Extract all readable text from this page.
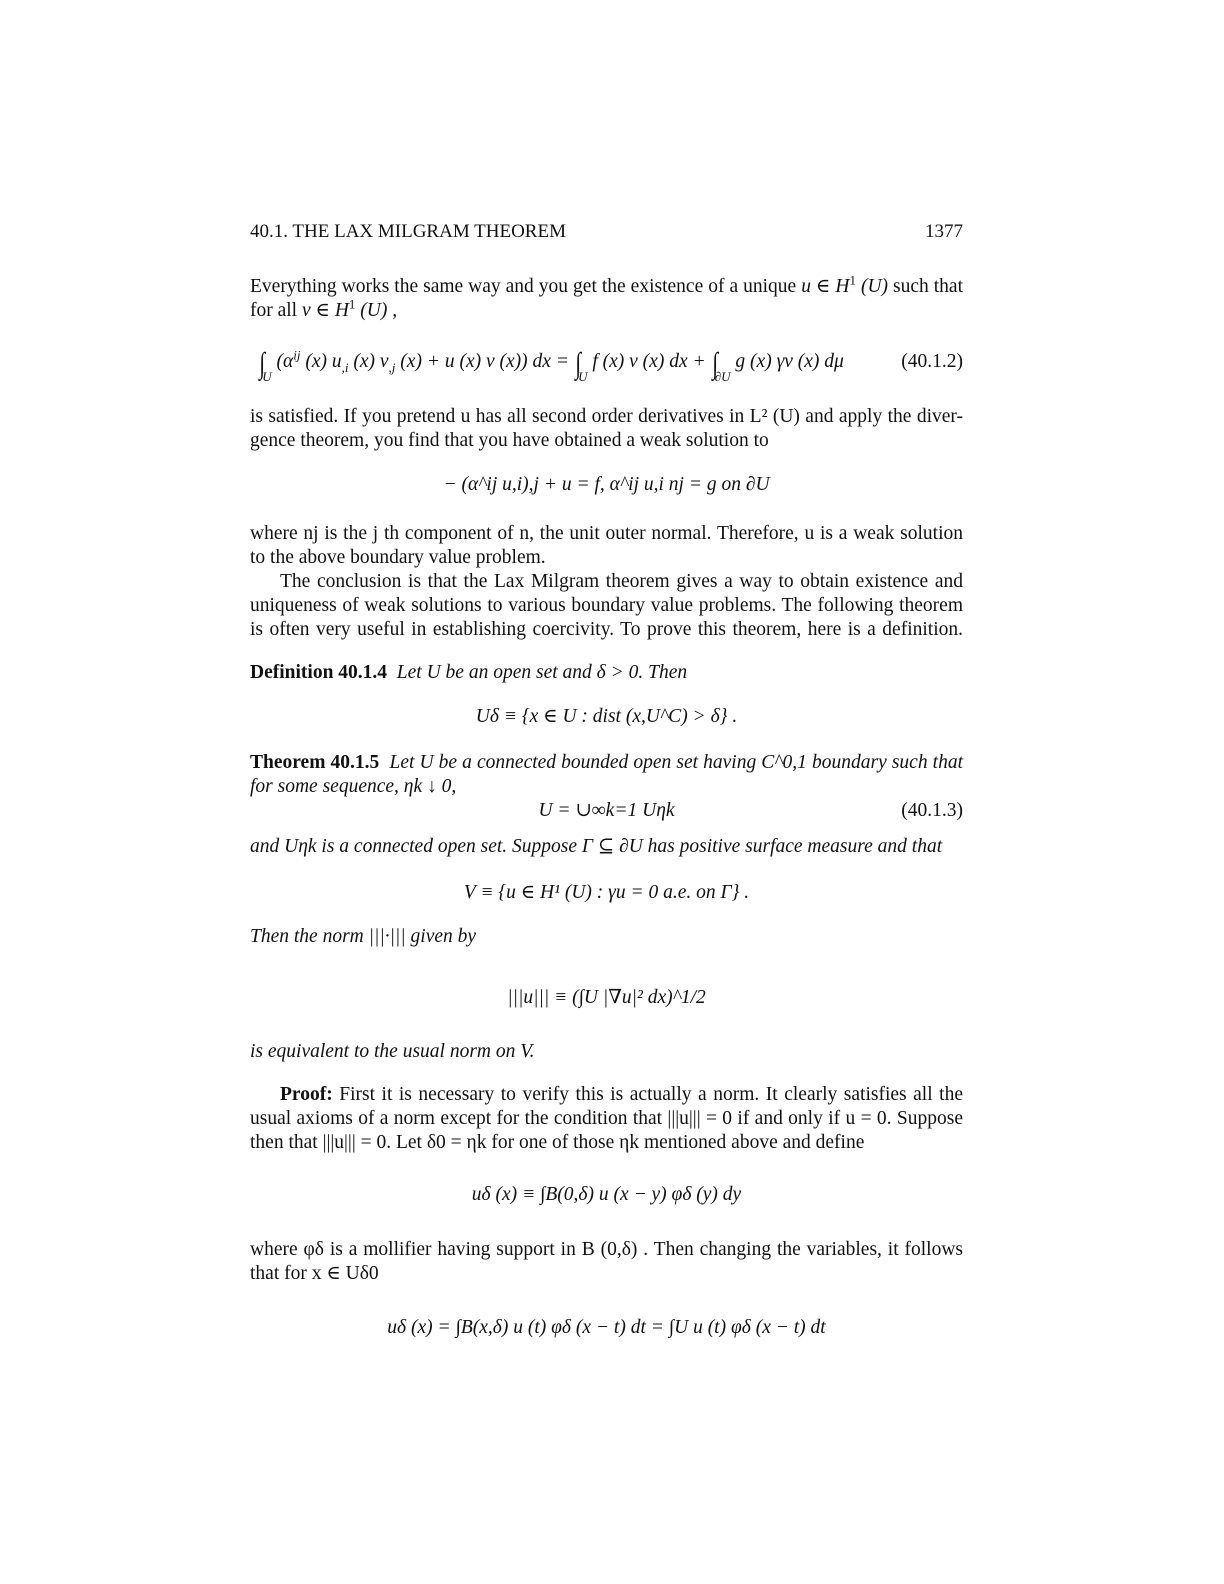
40.1. THE LAX MILGRAM THEOREM	1377
Everything works the same way and you get the existence of a unique u ∈ $H^1$ (U) such that
for all v ∈ $H^1$ (U) ,
$\int_U$ ($\alpha^{ij}$ (x) $u_{,i}$ (x) $v_{,j}$ (x) + u (x) v (x)) dx = $\int_U$ f (x) v (x) dx + $\int_{\partial U}$ g (x) γv (x) dμ	(40.1.2)
is satisfied. If you pretend u has all second order derivatives in L² (U) and apply the diver-
gence theorem, you find that you have obtained a weak solution to
− (α^ij u,i),j + u = f, α^ij u,i nj = g on ∂U
where nj is the j th component of n, the unit outer normal. Therefore, u is a weak solution
to the above boundary value problem.
The conclusion is that the Lax Milgram theorem gives a way to obtain existence and
uniqueness of weak solutions to various boundary value problems. The following theorem
is often very useful in establishing coercivity. To prove this theorem, here is a definition.
Definition 40.1.4 Let U be an open set and δ > 0. Then
Uδ ≡ {x ∈ U : dist (x,U^C) > δ} .
Theorem 40.1.5 Let U be a connected bounded open set having C^0,1 boundary such that
for some sequence, ηk ↓ 0,
U = ∪∞k=1 Uηk	(40.1.3)
and Uηk is a connected open set. Suppose Γ ⊆ ∂U has positive surface measure and that
V ≡ {u ∈ H¹ (U) : γu = 0 a.e. on Γ} .
Then the norm |||·||| given by
|||u||| ≡ (∫U |∇u|² dx)^1/2
is equivalent to the usual norm on V.
Proof: First it is necessary to verify this is actually a norm. It clearly satisfies all the
usual axioms of a norm except for the condition that |||u||| = 0 if and only if u = 0. Suppose
then that |||u||| = 0. Let δ0 = ηk for one of those ηk mentioned above and define
uδ (x) ≡ ∫B(0,δ) u (x − y) φδ (y) dy
where φδ is a mollifier having support in B (0,δ) . Then changing the variables, it follows
that for x ∈ Uδ0
uδ (x) = ∫B(x,δ) u (t) φδ (x − t) dt = ∫U u (t) φδ (x − t) dt
